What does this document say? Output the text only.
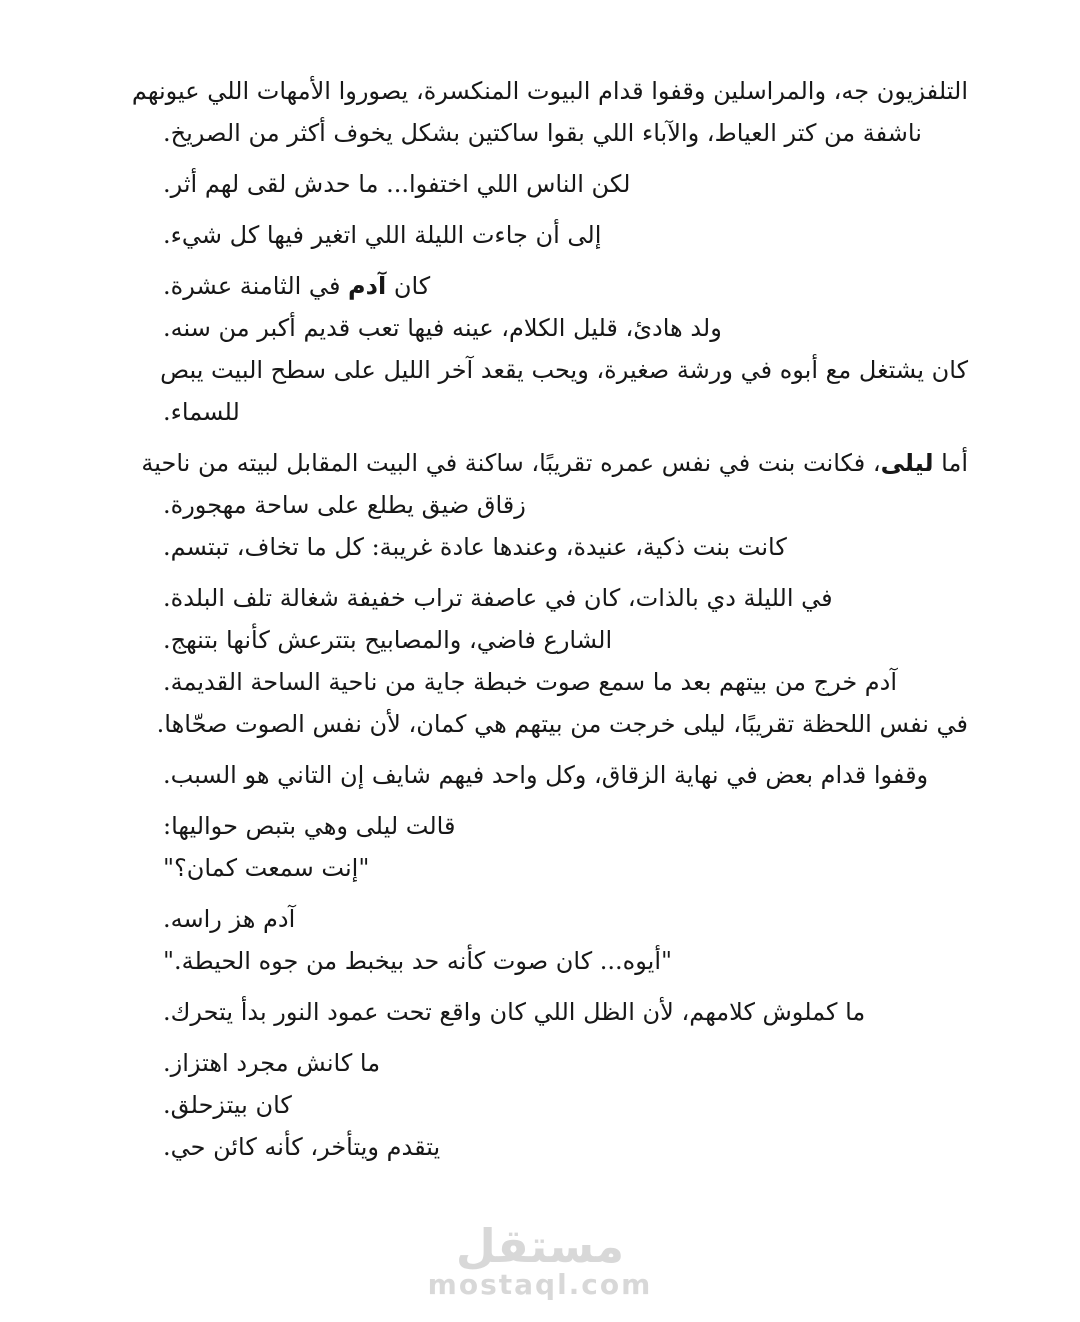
التلفزيون جه، والمراسلين وقفوا قدام البيوت المنكسرة، يصوروا الأمهات اللي عيونهم
ناشفة من كتر العياط، والآباء اللي بقوا ساكتين بشكل يخوف أكثر من الصريخ.
لكن الناس اللي اختفوا... ما حدش لقى لهم أثر.
إلى أن جاءت الليلة اللي اتغير فيها كل شيء.
كان آدم في الثامنة عشرة.
ولد هادئ، قليل الكلام، عينه فيها تعب قديم أكبر من سنه.
كان يشتغل مع أبوه في ورشة صغيرة، ويحب يقعد آخر الليل على سطح البيت يبص
للسماء.
أما ليلى، فكانت بنت في نفس عمره تقريبًا، ساكنة في البيت المقابل لبيته من ناحية
زقاق ضيق يطلع على ساحة مهجورة.
كانت بنت ذكية، عنيدة، وعندها عادة غريبة: كل ما تخاف، تبتسم.
في الليلة دي بالذات، كان في عاصفة تراب خفيفة شغالة تلف البلدة.
الشارع فاضي، والمصابيح بتترعش كأنها بتنهج.
آدم خرج من بيتهم بعد ما سمع صوت خبطة جاية من ناحية الساحة القديمة.
في نفس اللحظة تقريبًا، ليلى خرجت من بيتهم هي كمان، لأن نفس الصوت صحّاها.
وقفوا قدام بعض في نهاية الزقاق، وكل واحد فيهم شايف إن التاني هو السبب.
قالت ليلى وهي بتبص حواليها:
"إنت سمعت كمان؟"
آدم هز راسه.
"أيوه... كان صوت كأنه حد بيخبط من جوه الحيطة."
ما كملوش كلامهم، لأن الظل اللي كان واقع تحت عمود النور بدأ يتحرك.
ما كانش مجرد اهتزاز.
كان بيتزحلق.
يتقدم ويتأخر، كأنه كائن حي.
مستقل
mostaql.com
